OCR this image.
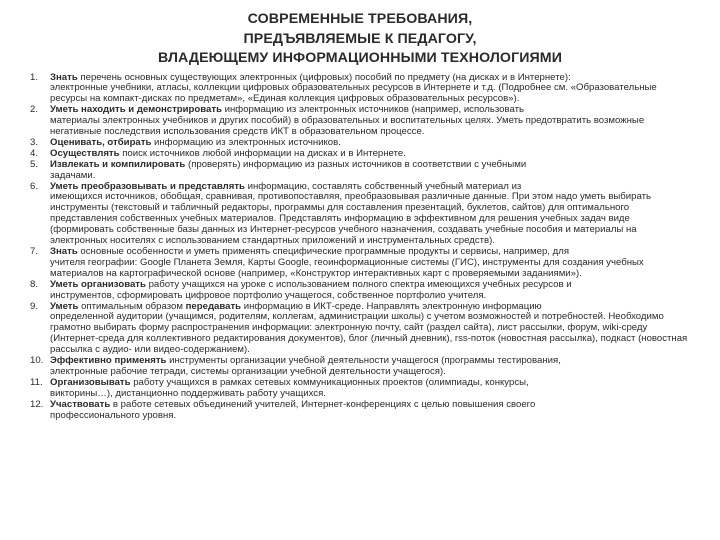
СОВРЕМЕННЫЕ ТРЕБОВАНИЯ,
ПРЕДЪЯВЛЯЕМЫЕ К ПЕДАГОГУ,
ВЛАДЕЮЩЕМУ ИНФОРМАЦИОННЫМИ ТЕХНОЛОГИЯМИ
1.	Знать перечень основных существующих электронных (цифровых) пособий по предмету (на дисках и в Интернете):
электронные учебники, атласы, коллекции цифровых образовательных ресурсов в Интернете и т.д. (Подробнее см. «Образовательные ресурсы на компакт-дисках по предметам», «Единая коллекция цифровых образовательных ресурсов»).
2.	Уметь находить и демонстрировать информацию из электронных источников (например, использовать
материалы электронных учебников и других пособий) в образовательных и воспитательных целях. Уметь предотвратить возможные негативные последствия использования средств ИКТ в образовательном процессе.
3.	Оценивать, отбирать информацию из электронных источников.
4.	Осуществлять поиск источников любой информации на дисках и в Интернете.
5.	Извлекать и компилировать (проверять) информацию из разных источников в соответствии с учебными
задачами.
6.	Уметь преобразовывать и представлять информацию, составлять собственный учебный материал из
имеющихся источников, обобщая, сравнивая, противопоставляя, преобразовывая различные данные. При этом надо уметь выбирать инструменты (текстовый и табличный редакторы, программы для составления презентаций, буклетов, сайтов) для оптимального представления собственных учебных материалов. Представлять информацию в эффективном для решения учебных задач виде (формировать собственные базы данных из Интернет-ресурсов учебного назначения, создавать учебные пособия и материалы на электронных носителях с использованием стандартных приложений и инструментальных средств).
7.	Знать основные особенности и уметь применять специфические программные продукты и сервисы, например, для
учителя географии: Google Планета Земля, Карты Google, геоинформационные системы (ГИС), инструменты для создания учебных материалов на картографической основе (например, «Конструктор интерактивных карт с проверяемыми заданиями»).
8.	Уметь организовать работу учащихся на уроке с использованием полного спектра имеющихся учебных ресурсов и
инструментов, сформировать цифровое портфолио учащегося, собственное портфолио учителя.
9.	Уметь оптимальным образом передавать информацию в ИКТ-среде. Направлять электронную информацию
определенной аудитории (учащимся, родителям, коллегам, администрации школы) с учетом возможностей и потребностей. Необходимо грамотно выбирать форму распространения информации: электронную почту, сайт (раздел сайта), лист рассылки, форум, wiki-среду (Интернет-среда для коллективного редактирования документов), блог (личный дневник), rss-поток (новостная рассылка), подкаст (новостная рассылка с аудио- или видео-содержанием).
10. Эффективно применять инструменты организации учебной деятельности учащегося (программы тестирования,
электронные рабочие тетради, системы организации учебной деятельности учащегося).
11. Организовывать работу учащихся в рамках сетевых коммуникационных проектов (олимпиады, конкурсы,
викторины…), дистанционно поддерживать работу учащихся.
12. Участвовать в работе сетевых объединений учителей, Интернет-конференциях с целью повышения своего
профессионального уровня.
